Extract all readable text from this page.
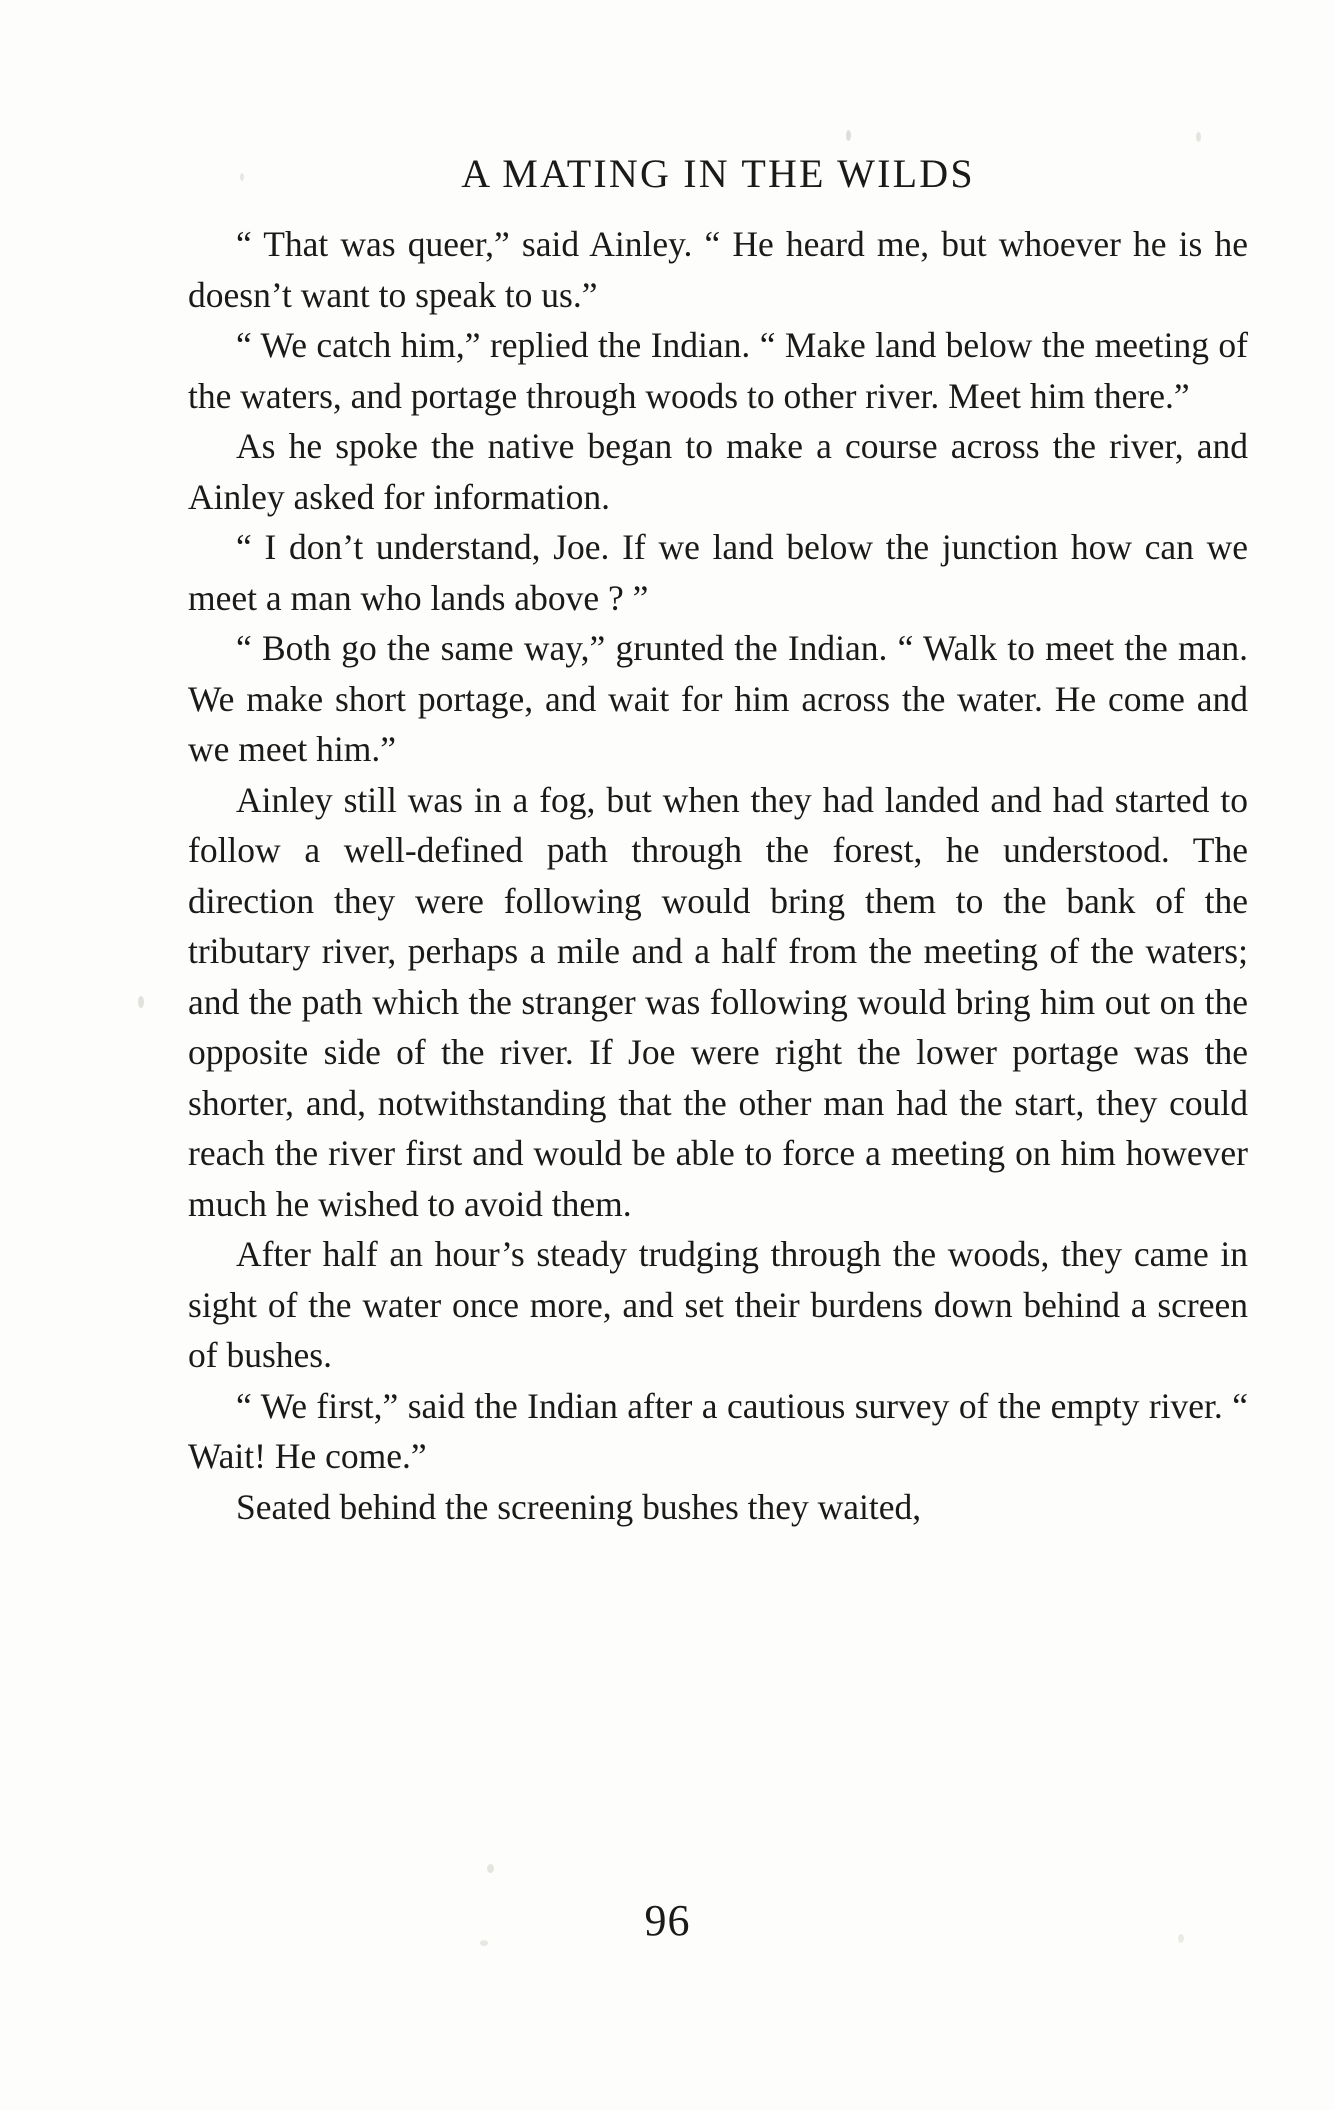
A MATING IN THE WILDS

“ That was queer,” said Ainley. “ He heard me, but whoever he is he doesn’t want to speak to us.”

“ We catch him,” replied the Indian. “ Make land below the meeting of the waters, and portage through woods to other river. Meet him there.”

As he spoke the native began to make a course across the river, and Ainley asked for information.

“ I don’t understand, Joe. If we land below the junction how can we meet a man who lands above ? ”

“ Both go the same way,” grunted the Indian. “ Walk to meet the man. We make short portage, and wait for him across the water. He come and we meet him.”

Ainley still was in a fog, but when they had landed and had started to follow a well-defined path through the forest, he understood. The direction they were following would bring them to the bank of the tributary river, perhaps a mile and a half from the meeting of the waters; and the path which the stranger was following would bring him out on the opposite side of the river. If Joe were right the lower portage was the shorter, and, notwithstanding that the other man had the start, they could reach the river first and would be able to force a meeting on him however much he wished to avoid them.

After half an hour’s steady trudging through the woods, they came in sight of the water once more, and set their burdens down behind a screen of bushes.

“ We first,” said the Indian after a cautious survey of the empty river. “ Wait! He come.”

Seated behind the screening bushes they waited,

96
